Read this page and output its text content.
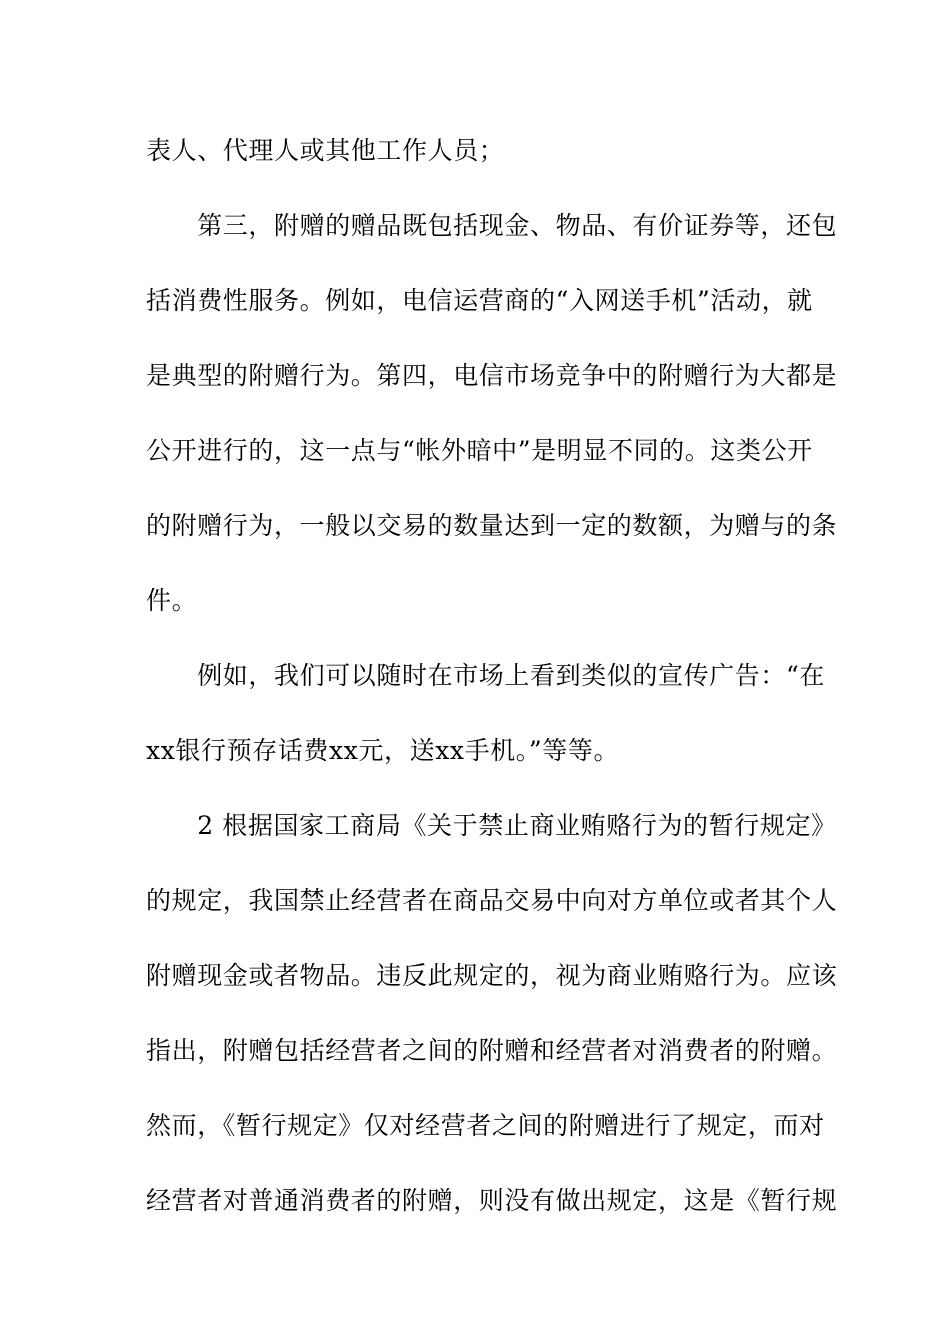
表人、代理人或其他工作人员；
　　第三，附赠的赠品既包括现金、物品、有价证券等，还包
括消费性服务。例如，电信运营商的“入网送手机”活动，就
是典型的附赠行为。第四，电信市场竞争中的附赠行为大都是
公开进行的，这一点与“帐外暗中”是明显不同的。这类公开
的附赠行为，一般以交易的数量达到一定的数额，为赠与的条
件。
　　例如，我们可以随时在市场上看到类似的宣传广告：“在
xx银行预存话费xx元，送xx手机。”等等。
　　2 根据国家工商局《关于禁止商业贿赂行为的暂行规定》
的规定，我国禁止经营者在商品交易中向对方单位或者其个人
附赠现金或者物品。违反此规定的，视为商业贿赂行为。应该
指出，附赠包括经营者之间的附赠和经营者对消费者的附赠。
然而，《暂行规定》仅对经营者之间的附赠进行了规定，而对
经营者对普通消费者的附赠，则没有做出规定，这是《暂行规
